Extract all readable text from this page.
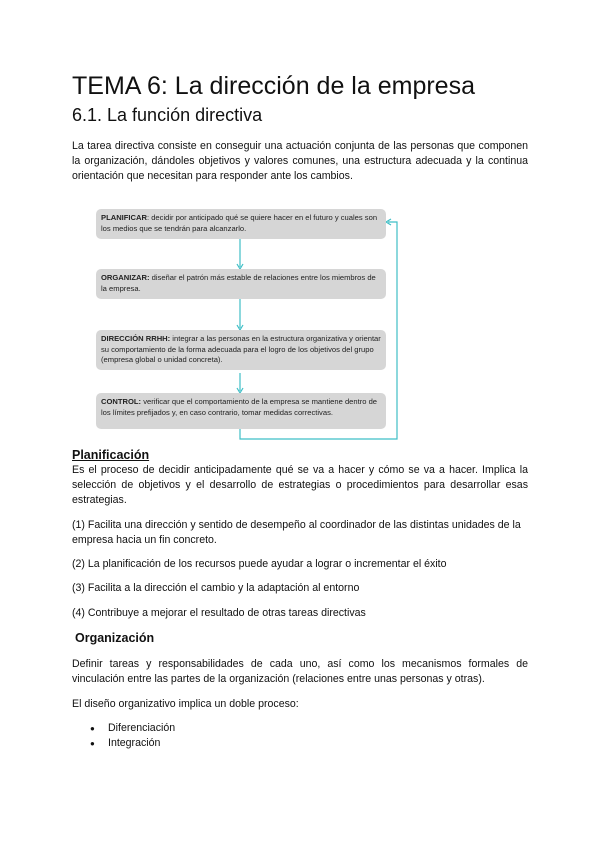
TEMA 6: La dirección de la empresa
6.1. La función directiva
La tarea directiva consiste en conseguir una actuación conjunta de las personas que componen la organización, dándoles objetivos y valores comunes, una estructura adecuada y la continua orientación que necesitan para responder ante los cambios.
PLANIFICAR: decidir por anticipado qué se quiere hacer en el futuro y cuales son los medios que se tendrán para alcanzarlo.
ORGANIZAR: diseñar el patrón más estable de relaciones entre los miembros de la empresa.
DIRECCIÓN RRHH: integrar a las personas en la estructura organizativa y orientar su comportamiento de la forma adecuada para el logro de los objetivos del grupo (empresa global o unidad concreta).
CONTROL: verificar que el comportamiento de la empresa se mantiene dentro de los límites prefijados y, en caso contrario, tomar medidas correctivas.
Planificación
Es el proceso de decidir anticipadamente qué se va a hacer y cómo se va a hacer. Implica la selección de objetivos y el desarrollo de estrategias o procedimientos para desarrollar esas estrategias.
(1) Facilita una dirección y sentido de desempeño al coordinador de las distintas unidades de la empresa hacia un fin concreto.
(2) La planificación de los recursos puede ayudar a lograr o incrementar el éxito
(3) Facilita a la dirección el cambio y la adaptación al entorno
(4) Contribuye a mejorar el resultado de otras tareas directivas
Organización
Definir tareas y responsabilidades de cada uno, así como los mecanismos formales de vinculación entre las partes de la organización (relaciones entre unas personas y otras).
El diseño organizativo implica un doble proceso:
● Diferenciación
● Integración
